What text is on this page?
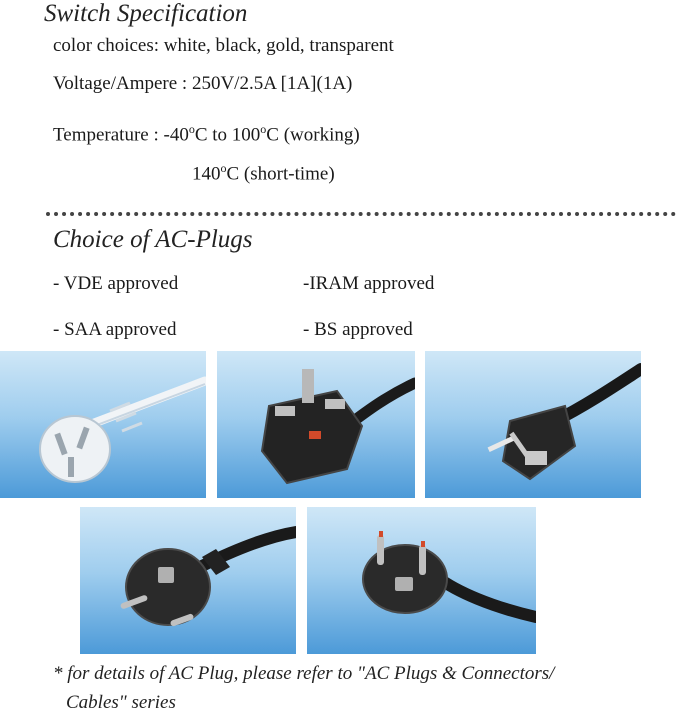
Switch Specification
color choices: white, black, gold, transparent
Voltage/Ampere : 250V/2.5A [1A](1A)
Temperature : -40$^o$C to 100$^o$C (working)
140$^o$C (short-time)
Choice of AC-Plugs
- VDE approved	-IRAM approved
- SAA approved	- BS approved
* for details of AC Plug, please refer to "AC Plugs & Connectors/
Cables" series
